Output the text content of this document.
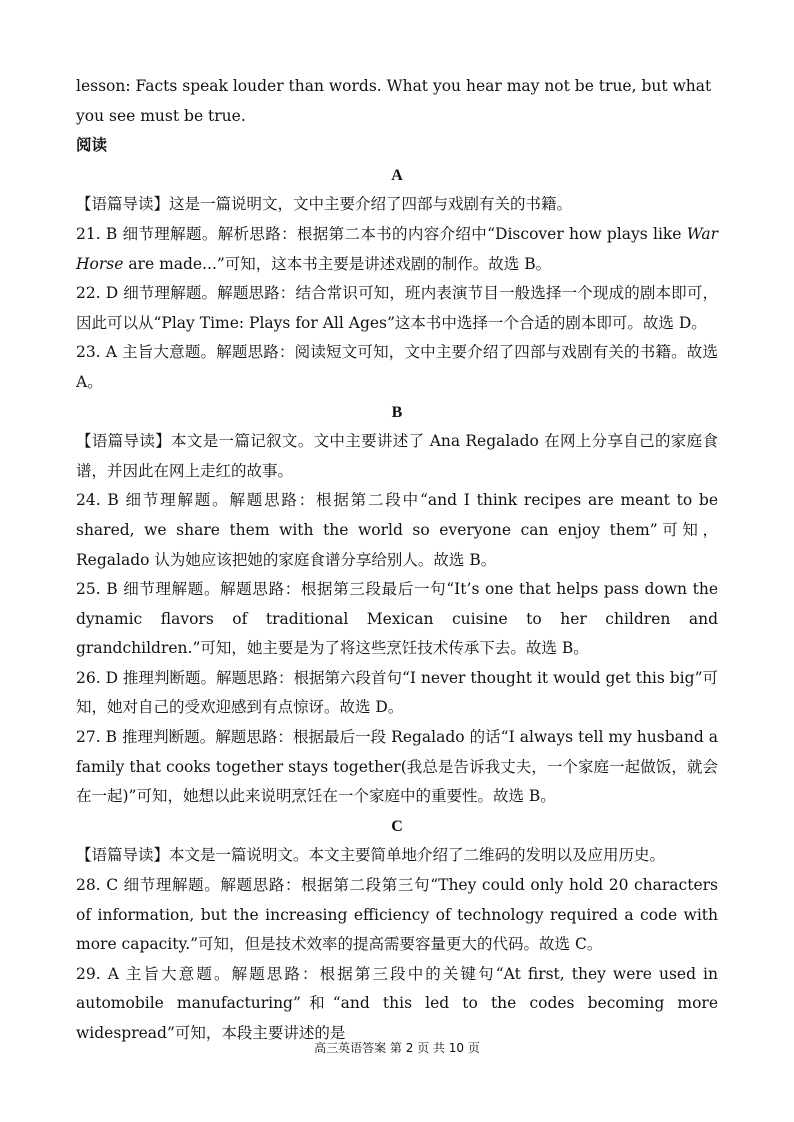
lesson: Facts speak louder than words. What you hear may not be true, but what you see must be true.

阅读

A

【语篇导读】这是一篇说明文，文中主要介绍了四部与戏剧有关的书籍。

21. B 细节理解题。解析思路：根据第二本书的内容介绍中“Discover how plays like War Horse are made...”可知，这本书主要是讲述戏剧的制作。故选 B。

22. D 细节理解题。解题思路：结合常识可知，班内表演节目一般选择一个现成的剧本即可，因此可以从“Play Time: Plays for All Ages”这本书中选择一个合适的剧本即可。故选 D。

23. A 主旨大意题。解题思路：阅读短文可知，文中主要介绍了四部与戏剧有关的书籍。故选 A。

B

【语篇导读】本文是一篇记叙文。文中主要讲述了 Ana Regalado 在网上分享自己的家庭食谱，并因此在网上走红的故事。

24. B 细节理解题。解题思路：根据第二段中“and I think recipes are meant to be shared, we share them with the world so everyone can enjoy them”可知，Regalado 认为她应该把她的家庭食谱分享给别人。故选 B。

25. B 细节理解题。解题思路：根据第三段最后一句“It’s one that helps pass down the dynamic flavors of traditional Mexican cuisine to her children and grandchildren.”可知，她主要是为了将这些烹饪技术传承下去。故选 B。

26. D 推理判断题。解题思路：根据第六段首句“I never thought it would get this big”可知，她对自己的受欢迎感到有点惊讶。故选 D。

27. B 推理判断题。解题思路：根据最后一段 Regalado 的话“I always tell my husband a family that cooks together stays together(我总是告诉我丈夫，一个家庭一起做饭，就会在一起)”可知，她想以此来说明烹饪在一个家庭中的重要性。故选 B。

C

【语篇导读】本文是一篇说明文。本文主要简单地介绍了二维码的发明以及应用历史。

28. C 细节理解题。解题思路：根据第二段第三句“They could only hold 20 characters of information, but the increasing efficiency of technology required a code with more capacity.”可知，但是技术效率的提高需要容量更大的代码。故选 C。

29. A 主旨大意题。解题思路：根据第三段中的关键句“At first, they were used in automobile manufacturing”和“and this led to the codes becoming more widespread”可知，本段主要讲述的是

高三英语答案 第 2 页 共 10 页
